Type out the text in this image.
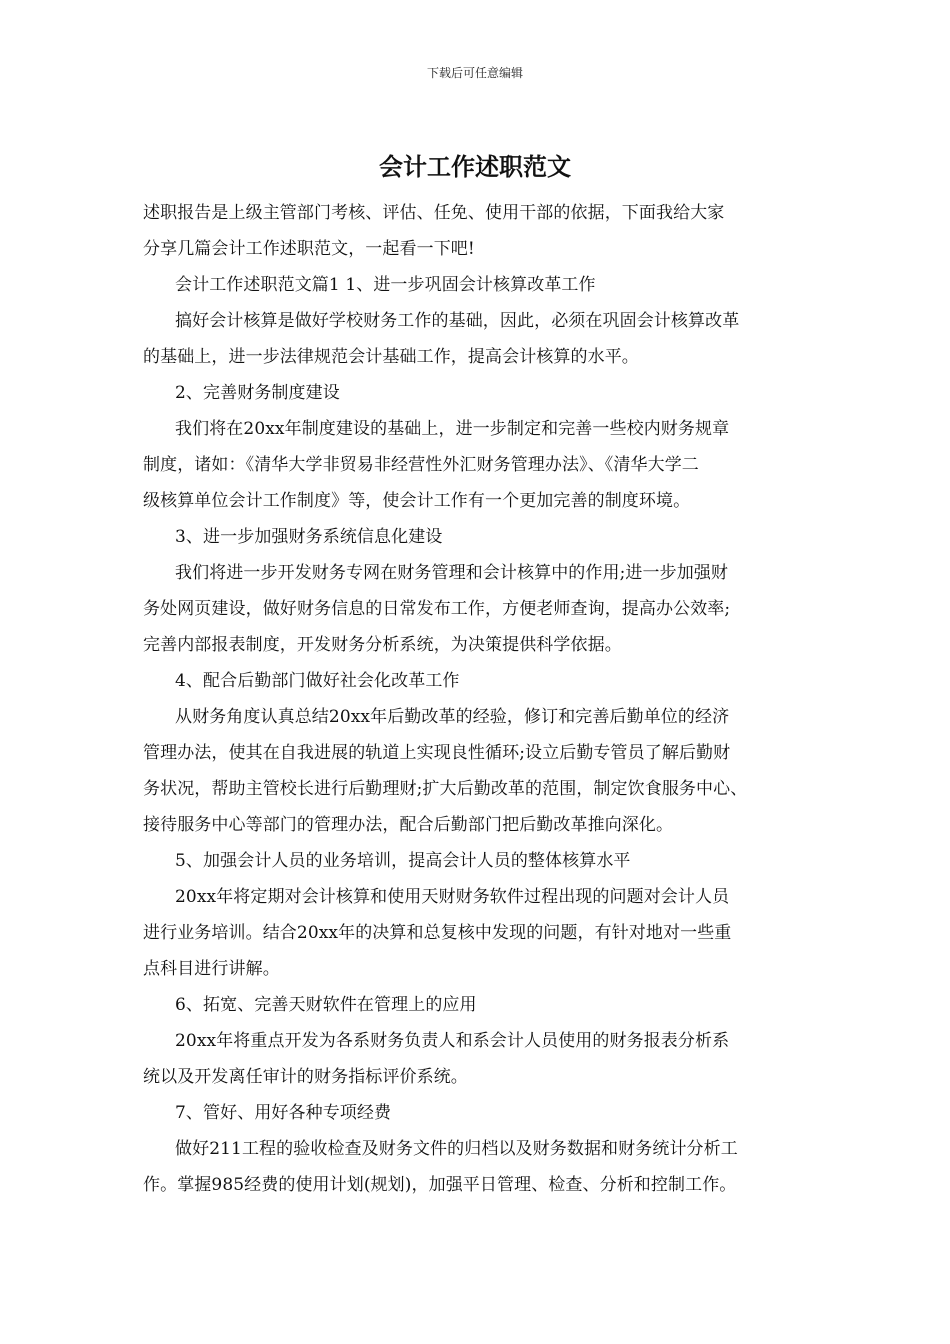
下载后可任意编辑
会计工作述职范文

述职报告是上级主管部门考核、评估、任免、使用干部的依据，下面我给大家

分享几篇会计工作述职范文，一起看一下吧!

会计工作述职范文篇1 1、进一步巩固会计核算改革工作

搞好会计核算是做好学校财务工作的基础，因此，必须在巩固会计核算改革

的基础上，进一步法律规范会计基础工作，提高会计核算的水平。

2、完善财务制度建设

我们将在20xx年制度建设的基础上，进一步制定和完善一些校内财务规章

制度，诸如：《清华大学非贸易非经营性外汇财务管理办法》、《清华大学二

级核算单位会计工作制度》等，使会计工作有一个更加完善的制度环境。

3、进一步加强财务系统信息化建设

我们将进一步开发财务专网在财务管理和会计核算中的作用;进一步加强财

务处网页建设，做好财务信息的日常发布工作，方便老师查询，提高办公效率;

完善内部报表制度，开发财务分析系统，为决策提供科学依据。

4、配合后勤部门做好社会化改革工作

从财务角度认真总结20xx年后勤改革的经验，修订和完善后勤单位的经济

管理办法，使其在自我进展的轨道上实现良性循环;设立后勤专管员了解后勤财

务状况，帮助主管校长进行后勤理财;扩大后勤改革的范围，制定饮食服务中心、

接待服务中心等部门的管理办法，配合后勤部门把后勤改革推向深化。

5、加强会计人员的业务培训，提高会计人员的整体核算水平

20xx年将定期对会计核算和使用天财财务软件过程出现的问题对会计人员

进行业务培训。结合20xx年的决算和总复核中发现的问题，有针对地对一些重

点科目进行讲解。

6、拓宽、完善天财软件在管理上的应用

20xx年将重点开发为各系财务负责人和系会计人员使用的财务报表分析系

统以及开发离任审计的财务指标评价系统。

7、管好、用好各种专项经费

做好211工程的验收检查及财务文件的归档以及财务数据和财务统计分析工

作。掌握985经费的使用计划(规划)，加强平日管理、检查、分析和控制工作。
